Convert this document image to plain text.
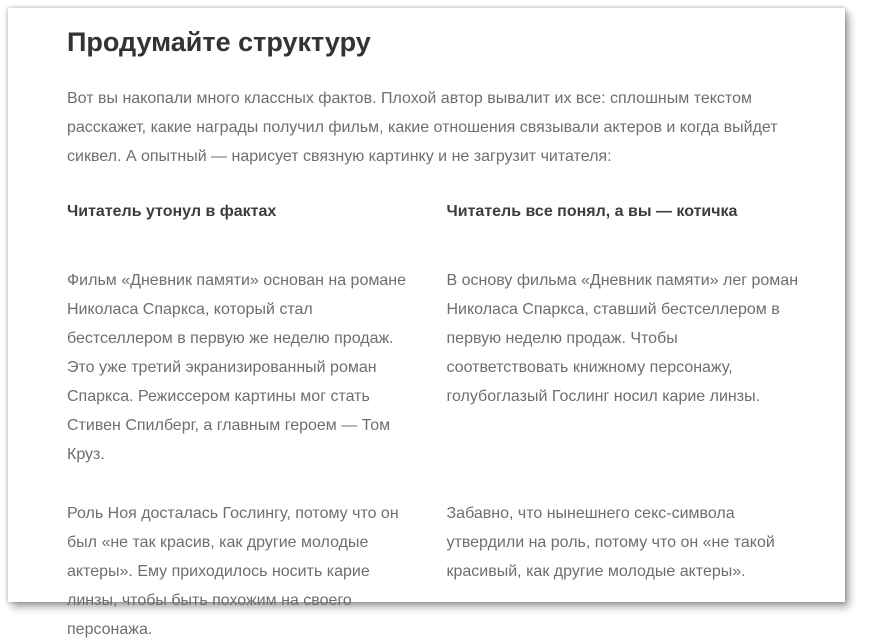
Продумайте структуру

Вот вы накопали много классных фактов. Плохой автор вывалит их все: сплошным текстом расскажет, какие награды получил фильм, какие отношения связывали актеров и когда выйдет сиквел. А опытный — нарисует связную картинку и не загрузит читателя:

Читатель утонул в фактах	Читатель все понял, а вы — котичка

Фильм «Дневник памяти» основан на романе Николаса Спаркса, который стал бестселлером в первую же неделю продаж. Это уже третий экранизированный роман Спаркса. Режиссером картины мог стать Стивен Спилберг, а главным героем — Том Круз.

В основу фильма «Дневник памяти» лег роман Николаса Спаркса, ставший бестселлером в первую неделю продаж. Чтобы соответствовать книжному персонажу, голубоглазый Гослинг носил карие линзы.

Роль Ноя досталась Гослингу, потому что он был «не так красив, как другие молодые актеры». Ему приходилось носить карие линзы, чтобы быть похожим на своего персонажа.

Забавно, что нынешнего секс-символа утвердили на роль, потому что он «не такой красивый, как другие молодые актеры».
